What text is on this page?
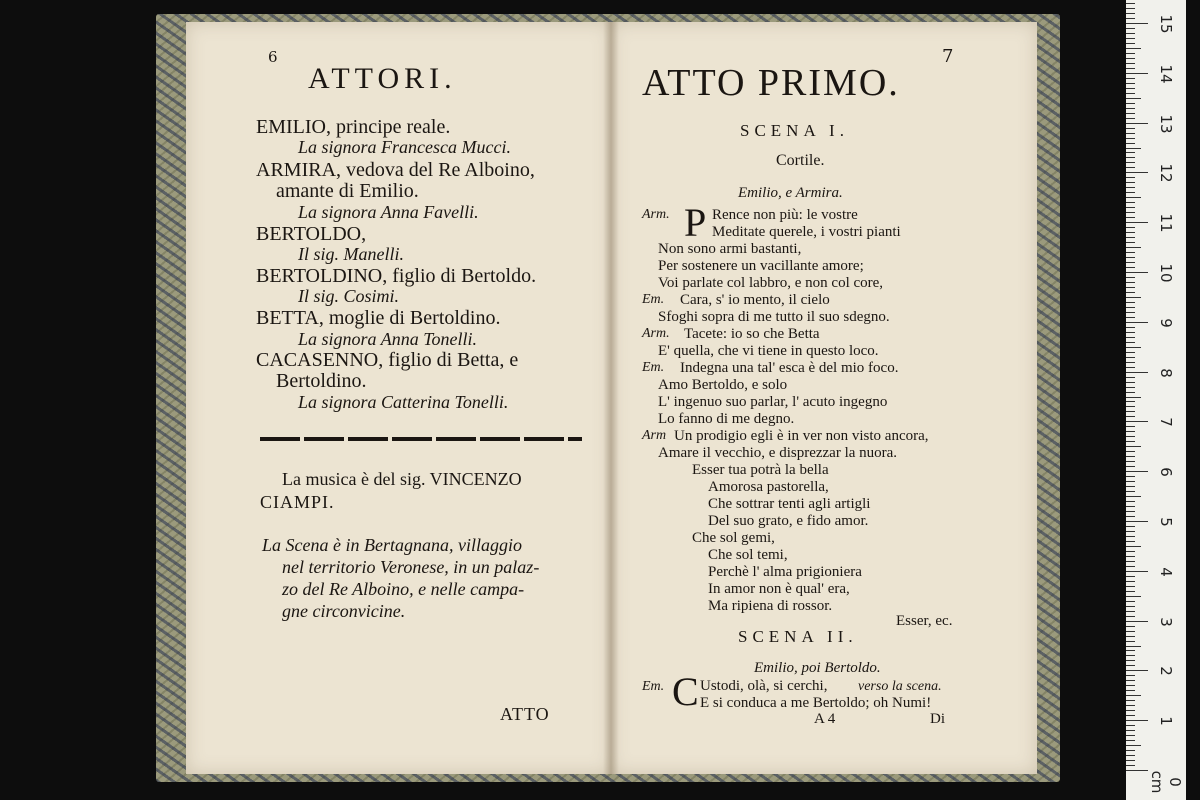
6
ATTORI.
EMILIO, principe reale.
La signora Francesca Mucci.
ARMIRA, vedova del Re Alboino,
amante di Emilio.
La signora Anna Favelli.
BERTOLDO,
Il sig. Manelli.
BERTOLDINO, figlio di Bertoldo.
Il sig. Cosimi.
BETTA, moglie di Bertoldino.
La signora Anna Tonelli.
CACASENNO, figlio di Betta, e
Bertoldino.
La signora Catterina Tonelli.
La musica è del sig. VINCENZO
CIAMPI.
La Scena è in Bertagnana, villaggio
nel territorio Veronese, in un palaz-
zo del Re Alboino, e nelle campa-
gne circonvicine.
ATTO
7
ATTO PRIMO.
SCENA I.
Cortile.
Emilio, e Armira.
Arm. P Rence non più: le vostre
Meditate querele, i vostri pianti
Non sono armi bastanti,
Per sostenere un vacillante amore;
Voi parlate col labbro, e non col core,
Em. Cara, s' io mento, il cielo
Sfoghi sopra di me tutto il suo sdegno.
Arm. Tacete: io so che Betta
E' quella, che vi tiene in questo loco.
Em. Indegna una tal' esca è del mio foco.
Amo Bertoldo, e solo
L' ingenuo suo parlar, l' acuto ingegno
Lo fanno di me degno.
Arm Un prodigio egli è in ver non visto ancora,
Amare il vecchio, e disprezzar la nuora.
Esser tua potrà la bella
Amorosa pastorella,
Che sottrar tenti agli artigli
Del suo grato, e fido amor.
Che sol gemi,
Che sol temi,
Perchè l' alma prigioniera
In amor non è qual' era,
Ma ripiena di rossor.
Esser, ec.
SCENA II.
Emilio, poi Bertoldo.
Em. C Ustodi, olà, si cerchi, verso la scena.
E si conduca a me Bertoldo; oh Numi!
A 4	Di
0 cm
1
2
3
4
5
6
7
8
9
10
11
12
13
14
15
